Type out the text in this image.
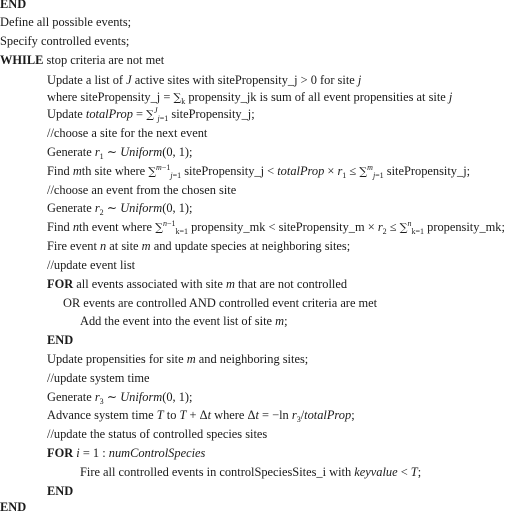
END
Define all possible events;
Specify controlled events;
WHILE stop criteria are not met
Update a list of J active sites with sitePropensity_j > 0 for site j
where sitePropensity_j = $\sum_k$ propensity_jk is sum of all event propensities at site j
Update totalProp = ∑$^J_{j=1}$ sitePropensity_j;
//choose a site for the next event
Generate $r_1$ ∼ Uniform(0, 1);
Find mth site where ∑$^{m-1}_{j=1}$ sitePropensity_j < totalProp × $r_1 \le \sum^m_{j=1}$ sitePropensity_j;
//choose an event from the chosen site
Generate $r_2$ ∼ Uniform(0, 1);
Find nth event where ∑$^{n-1}_{k=1}$ propensity_mk < sitePropensity_m × $r_2 \le \sum^n_{k=1}$ propensity_mk;
Fire event n at site m and update species at neighboring sites;
//update event list
FOR all events associated with site m that are not controlled
OR events are controlled AND controlled event criteria are met
Add the event into the event list of site m;
END
Update propensities for site m and neighboring sites;
//update system time
Generate $r_3$ ∼ Uniform(0, 1);
Advance system time T to T + Δt where Δt = −ln $r_3$/totalProp;
//update the status of controlled species sites
FOR i = 1 : numControlSpecies
Fire all controlled events in controlSpeciesSites_i with keyvalue < T;
END
END
